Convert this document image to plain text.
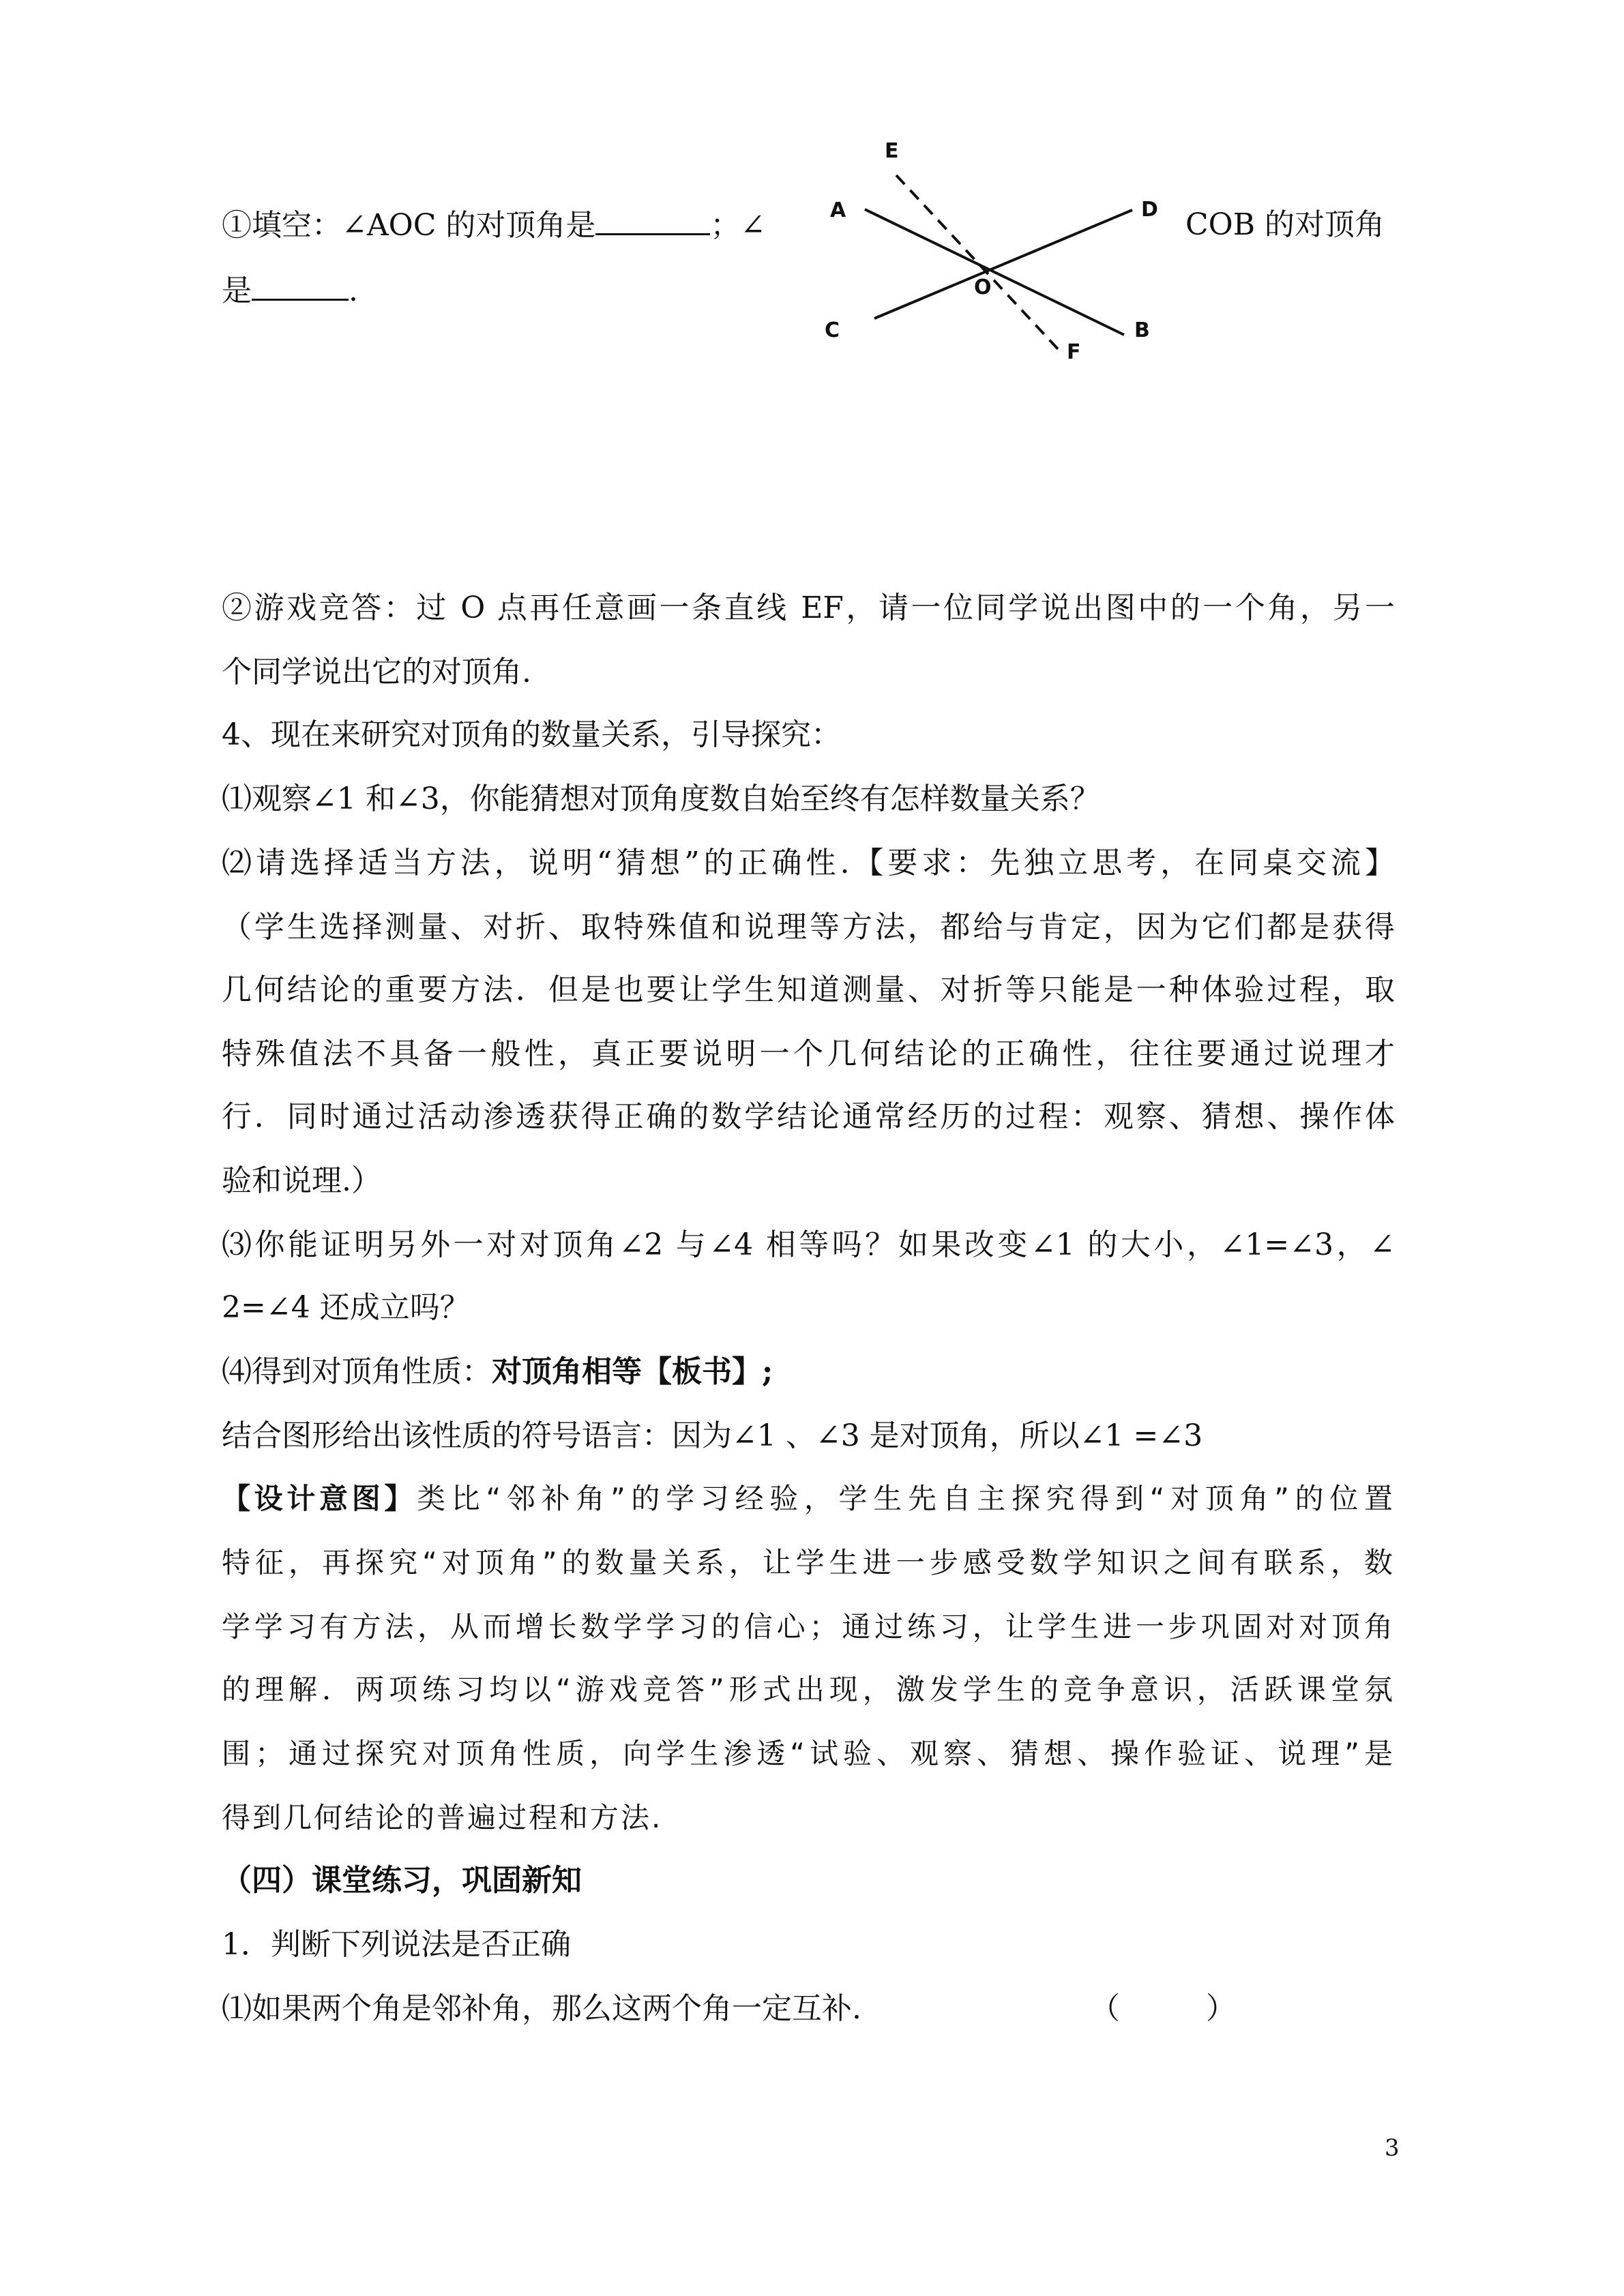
①填空：∠AOC 的对顶角是	；∠	COB 的对顶角
是	.
E
A	D
O
C	B
F
②游戏竞答：过 O 点再任意画一条直线 EF，请一位同学说出图中的一个角，另一
个同学说出它的对顶角.
4、现在来研究对顶角的数量关系，引导探究：
⑴观察∠1 和∠3，你能猜想对顶角度数自始至终有怎样数量关系？
⑵请选择适当方法，说明“猜想”的正确性.【要求：先独立思考，在同桌交流】
（学生选择测量、对折、取特殊值和说理等方法，都给与肯定，因为它们都是获得
几何结论的重要方法．但是也要让学生知道测量、对折等只能是一种体验过程，取
特殊值法不具备一般性，真正要说明一个几何结论的正确性，往往要通过说理才
行．同时通过活动渗透获得正确的数学结论通常经历的过程：观察、猜想、操作体
验和说理.）
⑶你能证明另外一对对顶角∠2 与∠4 相等吗？如果改变∠1 的大小，∠1=∠3，∠
2=∠4 还成立吗？
⑷得到对顶角性质：对顶角相等【板书】;
结合图形给出该性质的符号语言：因为∠1 、∠3 是对顶角，所以∠1 =∠3
【设计意图】类比“邻补角”的学习经验，学生先自主探究得到“对顶角”的位置
特征，再探究“对顶角”的数量关系，让学生进一步感受数学知识之间有联系，数
学学习有方法，从而增长数学学习的信心；通过练习，让学生进一步巩固对对顶角
的理解．两项练习均以“游戏竞答”形式出现，激发学生的竞争意识，活跃课堂氛
围；通过探究对顶角性质，向学生渗透“试验、观察、猜想、操作验证、说理”是
得到几何结论的普遍过程和方法.
（四）课堂练习，巩固新知
1．判断下列说法是否正确
⑴如果两个角是邻补角，那么这两个角一定互补.	（	）
3
